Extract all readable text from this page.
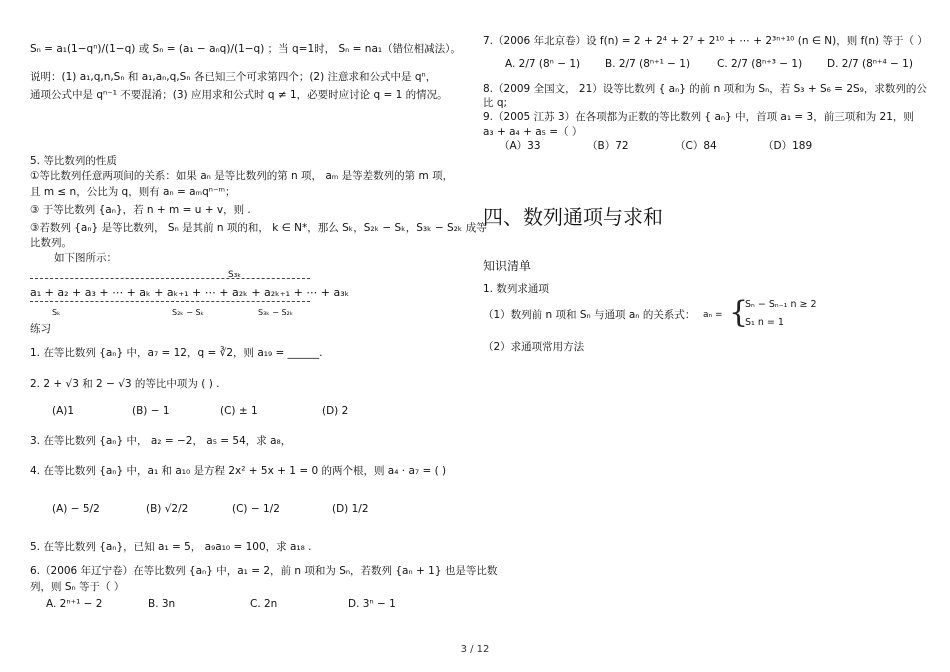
Sₙ = a₁(1−qⁿ)/(1−q) 或 Sₙ = (a₁ − aₙq)/(1−q) ；当 q=1时， Sₙ = na₁（错位相减法）。
说明：(1) a₁,q,n,Sₙ 和 a₁,aₙ,q,Sₙ 各已知三个可求第四个；(2) 注意求和公式中是 qⁿ，
通项公式中是 qⁿ⁻¹ 不要混淆；(3) 应用求和公式时 q ≠ 1，必要时应讨论 q = 1 的情况。
5. 等比数列的性质
①等比数列任意两项间的关系：如果 aₙ 是等比数列的第 n 项， aₘ 是等差数列的第 m 项，
且 m ≤ n，公比为 q，则有 aₙ = aₘqⁿ⁻ᵐ；
③ 于等比数列 {aₙ}，若 n + m = u + v，则 .
③若数列 {aₙ} 是等比数列， Sₙ 是其前 n 项的和， k ∈ N*，那么 Sₖ，S₂ₖ − Sₖ，S₃ₖ − S₂ₖ 成等
比数列。
如下图所示：
S₃ₖ
a₁ + a₂ + a₃ + ⋯ + aₖ + aₖ₊₁ + ⋯ + a₂ₖ + a₂ₖ₊₁ + ⋯ + a₃ₖ
Sₖ	S₂ₖ − Sₖ	S₃ₖ − S₂ₖ
练习
1. 在等比数列 {aₙ} 中，a₇ = 12，q = ∛2，则 a₁₉ = ______.
2. 2 + √3 和 2 − √3 的等比中项为 ( ) .
(A)1	(B) − 1	(C) ± 1	(D) 2
3. 在等比数列 {aₙ} 中， a₂ = −2， a₅ = 54，求 a₈，
4. 在等比数列 {aₙ} 中，a₁ 和 a₁₀ 是方程 2x² + 5x + 1 = 0 的两个根，则 a₄ · a₇ = ( )
(A) − 5/2	(B) √2/2	(C) − 1/2	(D) 1/2
5. 在等比数列 {aₙ}，已知 a₁ = 5， a₉a₁₀ = 100，求 a₁₈ .
6.（2006 年辽宁卷）在等比数列 {aₙ} 中，a₁ = 2，前 n 项和为 Sₙ，若数列 {aₙ + 1} 也是等比数
列，则 Sₙ 等于（ ）
A. 2ⁿ⁺¹ − 2	B. 3n	C. 2n	D. 3ⁿ − 1
7.（2006 年北京卷）设 f(n) = 2 + 2⁴ + 2⁷ + 2¹⁰ + ⋯ + 2³ⁿ⁺¹⁰ (n ∈ N)，则 f(n) 等于（ ）
A. 2/7 (8ⁿ − 1) B. 2/7 (8ⁿ⁺¹ − 1)	C. 2/7 (8ⁿ⁺³ − 1) D. 2/7 (8ⁿ⁺⁴ − 1)
8.（2009 全国文， 21）设等比数列 { aₙ} 的前 n 项和为 Sₙ，若 S₃ + S₆ = 2S₉，求数列的公
比 q;
9.（2005 江苏 3）在各项都为正数的等比数列 { aₙ} 中，首项 a₁ = 3，前三项和为 21，则
a₃ + a₄ + a₅ =（ ）
（A）33	（B）72	（C）84	（D）189
四、数列通项与求和
知识清单
1. 数列求通项
（1）数列前 n 项和 Sₙ 与通项 aₙ 的关系式： aₙ = {
Sₙ − Sₙ₋₁ n ≥ 2
S₁ n = 1
（2）求通项常用方法
3 / 12
